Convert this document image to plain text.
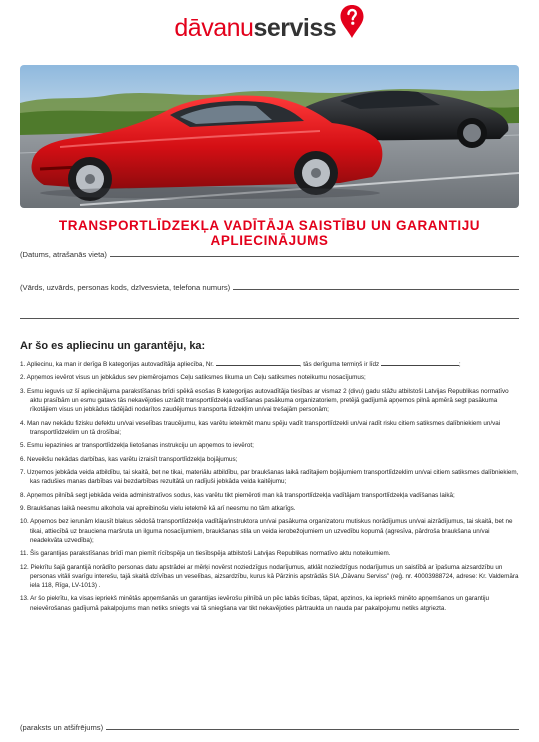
dāvanuserviss
TRANSPORTLĪDZEKĻA VADĪTĀJA SAISTĪBU UN GARANTIJU APLIECINĀJUMS
(Datums, atrašanās vieta)
(Vārds, uzvārds, personas kods, dzīvesvieta, telefona numurs)
Ar šo es apliecinu un garantēju, ka:
1. Apliecinu, ka man ir derīga B kategorijas autovadītāja apliecība, Nr.	, tās derīguma termiņš ir līdz	;
2. Apņemos ievērot visus un jebkādus sev piemērojamos Ceļu satiksmes likuma un Ceļu satiksmes noteikumu nosacījumus;
3. Esmu ieguvis uz šī apliecinājuma parakstīšanas brīdi spēkā esošas B kategorijas autovadītāja tiesības ar vismaz 2 (divu) gadu stāžu atbilstoši Latvijas Republikas normatīvo aktu prasībām un esmu gatavs tās nekavējoties uzrādīt transportlīdzekļa vadīšanas pasākuma organizatoriem, pretējā gadījumā apņemos pilnā apmērā segt pasākuma rīkotājiem visus un jebkādus tādējādi nodarītos zaudējumus transporta līdzekļim un/vai trešajām personām;
4. Man nav nekādu fizisku defektu un/vai veselības traucējumu, kas varētu ietekmēt manu spēju vadīt transportlīdzekli un/vai radīt risku citiem satiksmes dalībniekiem un/vai transportlīdzeklim un tā drošībai;
5. Esmu iepazinies ar transportlīdzekļa lietošanas instrukciju un apņemos to ievērot;
6. Neveikšu nekādas darbības, kas varētu izraisīt transportlīdzekļa bojājumus;
7. Uzņemos jebkāda veida atbildību, tai skaitā, bet ne tikai, materiālu atbildību, par braukšanas laikā radītajiem bojājumiem transportlīdzeklim un/vai citiem satiksmes dalībniekiem, kas radušies manas darbības vai bezdarbības rezultātā un radījuši jebkāda veida kaitējumu;
8. Apņemos pilnībā segt jebkāda veida administratīvos sodus, kas varētu tikt piemēroti man kā transportlīdzekļa vadītājam transportlīdzekļa vadīšanas laikā;
9. Braukšanas laikā neesmu alkohola vai apreibinošu vielu ietekmē kā arī neesmu no tām atkarīgs.
10. Apņemos bez ierunām klausīt blakus sēdošā transportlīdzekļa vadītāja/instruktora un/vai pasākuma organizatoru mutiskus norādījumus un/vai aizrādījumus, tai skaitā, bet ne tikai, attiecībā uz brauciena maršruta un ilguma nosacījumiem, braukšanas stila un veida ierobežojumiem un uzvedību kopumā (agresīva, pārdroša braukšana un/vai neadekvāta uzvedība);
11. Šis garantijas parakstīšanas brīdī man piemīt rīcībspēja un tiesībspēja atbilstoši Latvijas Republikas normatīvo aktu noteikumiem.
12. Piekrītu šajā garantijā norādīto personas datu apstrādei ar mērķi novērst noziedzīgus nodarījumus, atklāt noziedzīgus nodarījumus un saistībā ar īpašuma aizsardzību un personas vitāli svarīgu interešu, tajā skaitā dzīvības un veselības, aizsardzību, kurus kā Pārzinis apstrādās SIA „Dāvanu Serviss” (reģ. nr. 40003988724, adrese: Kr. Valdemāra iela 118, Rīga, LV-1013) .
13. Ar šo piekrītu, ka visas iepriekš minētās apņemšanās un garantijas ievērošu pilnībā un pēc labās ticības, tāpat, apzinos, ka iepriekš minēto apņemšanos un garantiju neievērošanas gadījumā pakalpojums man netiks sniegts vai tā sniegšana var tikt nekavējoties pārtraukta un nauda par pakalpojumu netiks atgriezta.
(paraksts un atšifrējums)
